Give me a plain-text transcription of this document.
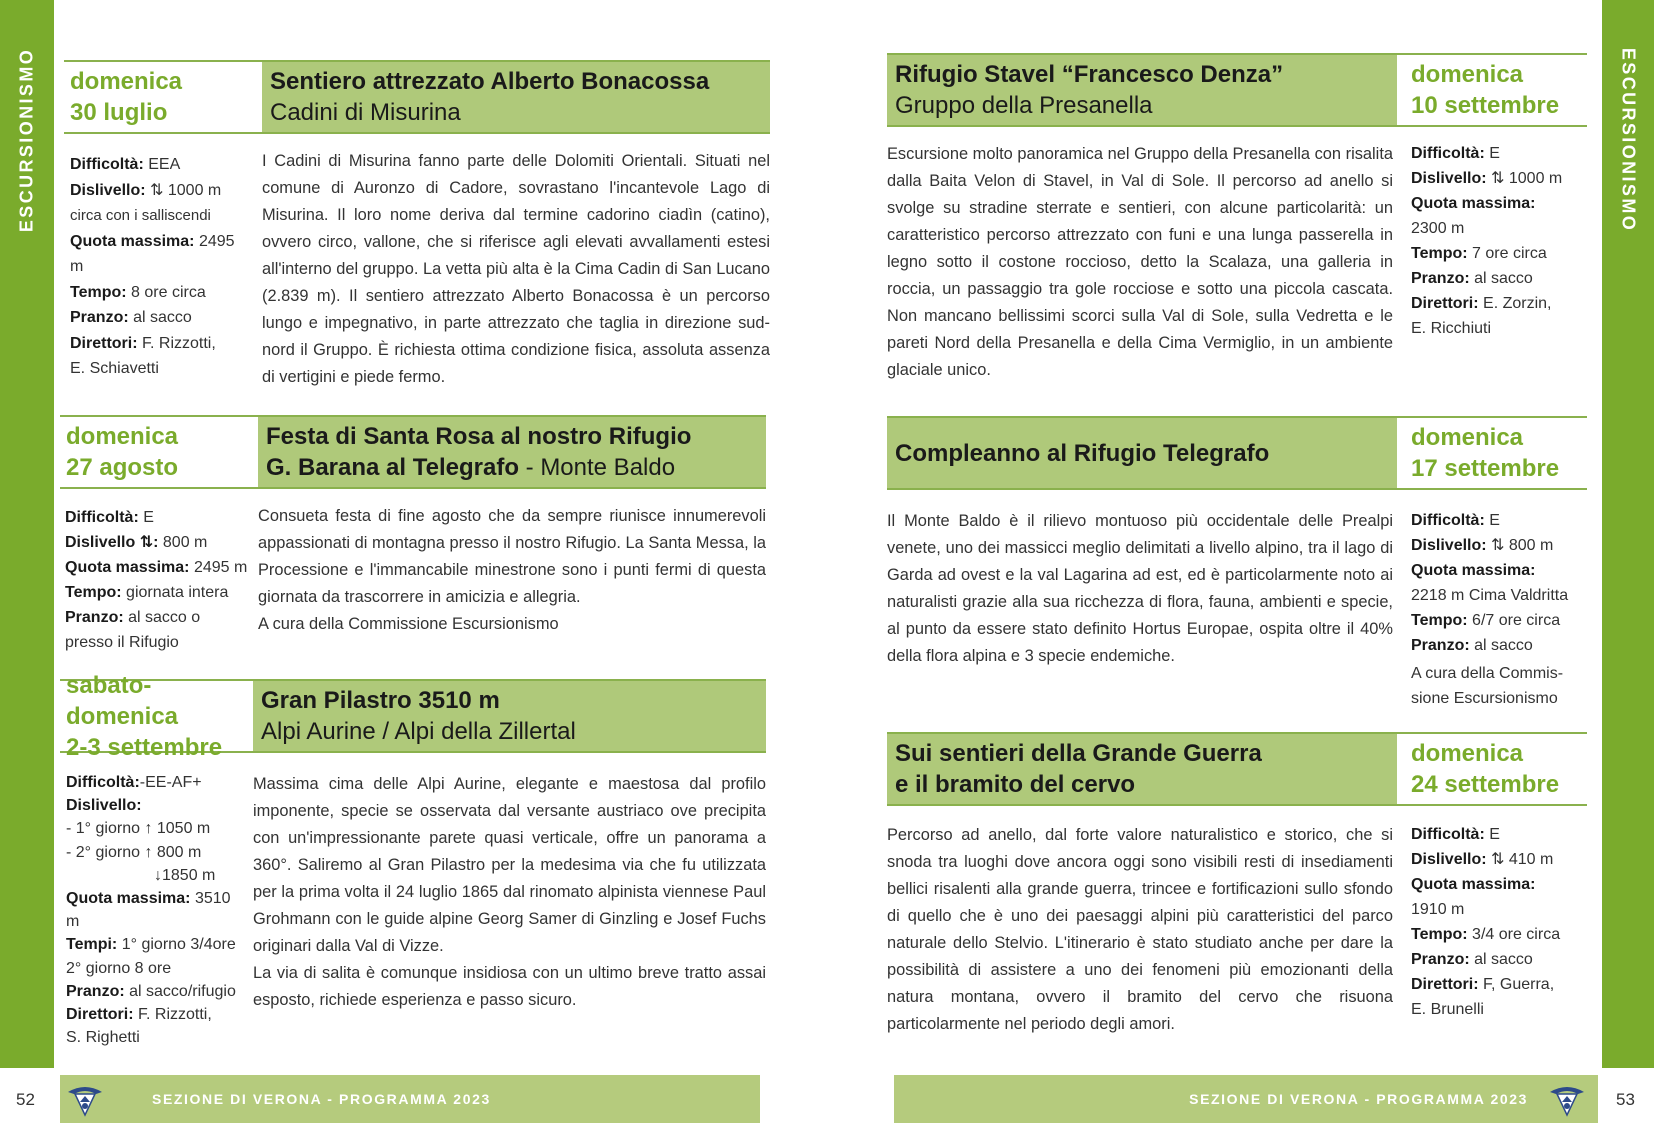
ESCURSIONISMO	ESCURSIONISMO
domenica
30 luglio
Sentiero attrezzato Alberto Bonacossa
Cadini di Misurina
Difficoltà: EEA
Dislivello: ⇅ 1000 m
circa con i salliscendi
Quota massima: 2495 m
Tempo: 8 ore circa
Pranzo: al sacco
Direttori: F. Rizzotti,
E. Schiavetti
I Cadini di Misurina fanno parte delle Dolomiti Orientali. Situati nel comune di Auronzo di Cadore, sovrastano l'incantevole Lago di Misurina. Il loro nome deriva dal termine cadorino ciadìn (catino), ovvero circo, vallone, che si riferisce agli elevati avvallamenti estesi all'interno del gruppo. La vetta più alta è la Cima Cadin di San Lucano (2.839 m). Il sentiero attrezzato Alberto Bonacossa è un percorso lungo e impegnativo, in parte attrezzato che taglia in direzione sud-nord il Gruppo. È richiesta ottima condizione fisica, assoluta assenza di vertigini e piede fermo.
domenica
27 agosto
Festa di Santa Rosa al nostro Rifugio
G. Barana al Telegrafo - Monte Baldo
Difficoltà: E
Dislivello ⇅: 800 m
Quota massima: 2495 m
Tempo: giornata intera
Pranzo: al sacco o
presso il Rifugio
Consueta festa di fine agosto che da sempre riunisce innumerevoli appassionati di montagna presso il nostro Rifugio. La Santa Messa, la Processione e l'immancabile minestrone sono i punti fermi di questa giornata da trascorrere in amicizia e allegria.
A cura della Commissione Escursionismo
sabato-domenica
2-3 settembre
Gran Pilastro 3510 m
Alpi Aurine / Alpi della Zillertal
Difficoltà:-EE-AF+
Dislivello:
- 1° giorno ↑ 1050 m
- 2° giorno ↑ 800 m
↓1850 m
Quota massima: 3510 m
Tempi: 1° giorno 3/4ore
2° giorno 8 ore
Pranzo: al sacco/rifugio
Direttori: F. Rizzotti,
S. Righetti
Massima cima delle Alpi Aurine, elegante e maestosa dal profilo imponente, specie se osservata dal versante austriaco ove precipita con un'impressionante parete quasi verticale, offre un panorama a 360°. Saliremo al Gran Pilastro per la medesima via che fu utilizzata per la prima volta il 24 luglio 1865 dal rinomato alpinista viennese Paul Grohmann con le guide alpine Georg Samer di Ginzling e Josef Fuchs originari dalla Val di Vizze.
La via di salita è comunque insidiosa con un ultimo breve tratto assai esposto, richiede esperienza e passo sicuro.
Rifugio Stavel “Francesco Denza”
Gruppo della Presanella
domenica
10 settembre
Escursione molto panoramica nel Gruppo della Presanella con risalita dalla Baita Velon di Stavel, in Val di Sole. Il percorso ad anello si svolge su stradine sterrate e sentieri, con alcune particolarità: un caratteristico percorso attrezzato con funi e una lunga passerella in legno sotto il costone roccioso, detto la Scalaza, una galleria in roccia, un passaggio tra gole rocciose e sotto una piccola cascata. Non mancano bellissimi scorci sulla Val di Sole, sulla Vedretta e le pareti Nord della Presanella e della Cima Vermiglio, in un ambiente glaciale unico.
Difficoltà: E
Dislivello: ⇅ 1000 m
Quota massima:
2300 m
Tempo: 7 ore circa
Pranzo: al sacco
Direttori: E. Zorzin,
E. Ricchiuti
Compleanno al Rifugio Telegrafo
domenica
17 settembre
Il Monte Baldo è il rilievo montuoso più occidentale delle Prealpi venete, uno dei massicci meglio delimitati a livello alpino, tra il lago di Garda ad ovest e la val Lagarina ad est, ed è particolarmente noto ai naturalisti grazie alla sua ricchezza di flora, fauna, ambienti e specie, al punto da essere stato definito Hortus Europae, ospita oltre il 40% della flora alpina e 3 specie endemiche.
Difficoltà: E
Dislivello: ⇅ 800 m
Quota massima:
2218 m Cima Valdritta
Tempo: 6/7 ore circa
Pranzo: al sacco
A cura della Commis-
sione Escursionismo
Sui sentieri della Grande Guerra
e il bramito del cervo
domenica
24 settembre
Percorso ad anello, dal forte valore naturalistico e storico, che si snoda tra luoghi dove ancora oggi sono visibili resti di insediamenti bellici risalenti alla grande guerra, trincee e fortificazioni sullo sfondo di quello che è uno dei paesaggi alpini più caratteristici del parco naturale dello Stelvio. L'itinerario è stato studiato anche per dare la possibilità di assistere a uno dei fenomeni più emozionanti della natura montana, ovvero il bramito del cervo che risuona particolarmente nel periodo degli amori.
Difficoltà: E
Dislivello: ⇅ 410 m
Quota massima:
1910 m
Tempo: 3/4 ore circa
Pranzo: al sacco
Direttori: F, Guerra,
E. Brunelli
SEZIONE DI VERONA - PROGRAMMA 2023	SEZIONE DI VERONA - PROGRAMMA 2023
52	53
